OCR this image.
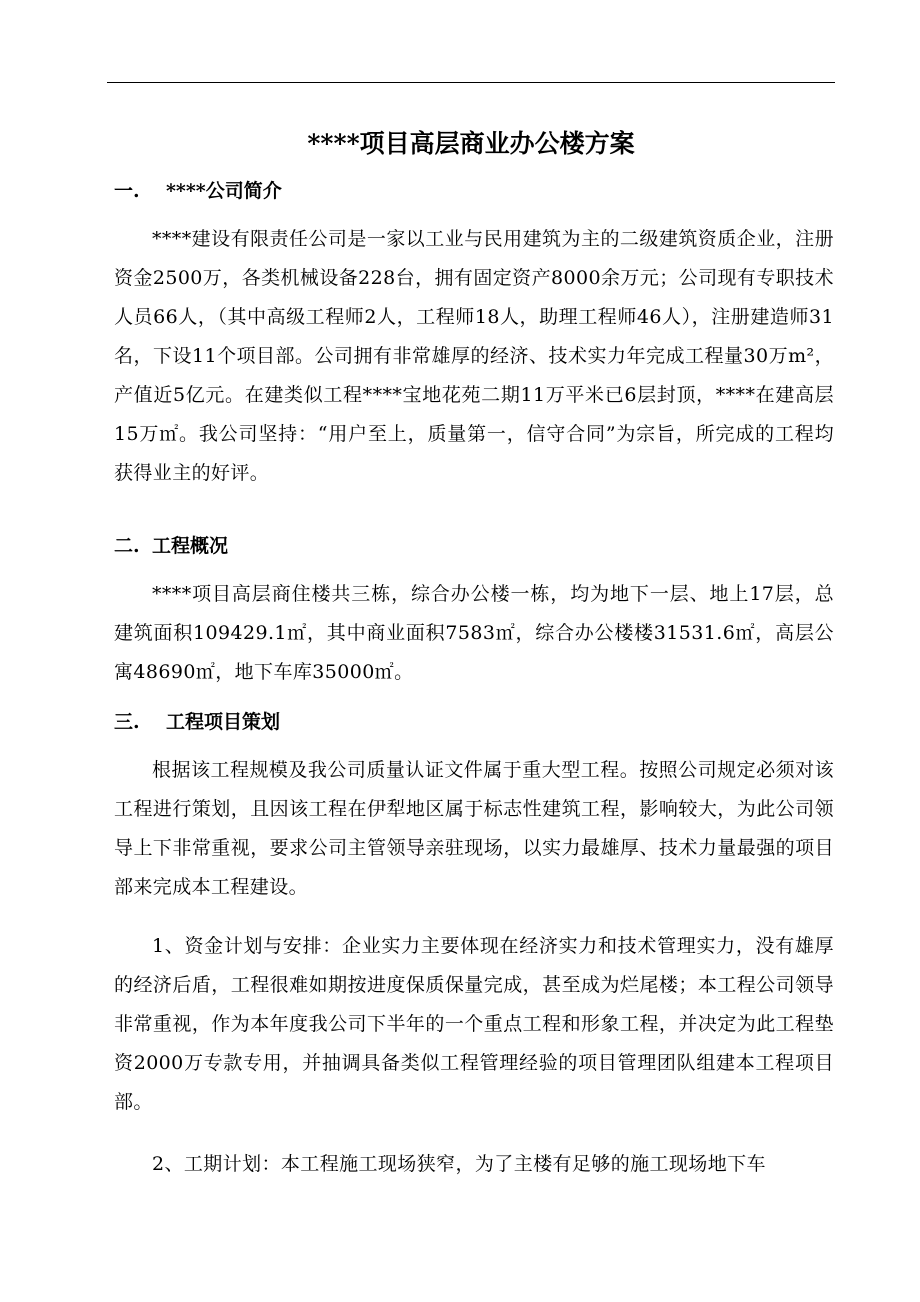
****项目高层商业办公楼方案
一. ****公司简介
****建设有限责任公司是一家以工业与民用建筑为主的二级建筑资质企业，注册资金2500万，各类机械设备228台，拥有固定资产8000余万元；公司现有专职技术人员66人，（其中高级工程师2人，工程师18人，助理工程师46人），注册建造师31名，下设11个项目部。公司拥有非常雄厚的经济、技术实力年完成工程量30万m²，产值近5亿元。在建类似工程****宝地花苑二期11万平米已6层封顶，****在建高层15万㎡。我公司坚持：“用户至上，质量第一，信守合同”为宗旨，所完成的工程均获得业主的好评。
二. 工程概况
****项目高层商住楼共三栋，综合办公楼一栋，均为地下一层、地上17层，总建筑面积109429.1㎡，其中商业面积7583㎡，综合办公楼楼31531.6㎡，高层公寓48690㎡，地下车库35000㎡。
三. 工程项目策划
根据该工程规模及我公司质量认证文件属于重大型工程。按照公司规定必须对该工程进行策划，且因该工程在伊犁地区属于标志性建筑工程，影响较大，为此公司领导上下非常重视，要求公司主管领导亲驻现场，以实力最雄厚、技术力量最强的项目部来完成本工程建设。
1、资金计划与安排：企业实力主要体现在经济实力和技术管理实力，没有雄厚的经济后盾，工程很难如期按进度保质保量完成，甚至成为烂尾楼；本工程公司领导非常重视，作为本年度我公司下半年的一个重点工程和形象工程，并决定为此工程垫资2000万专款专用，并抽调具备类似工程管理经验的项目管理团队组建本工程项目部。
2、工期计划：本工程施工现场狭窄，为了主楼有足够的施工现场地下车
